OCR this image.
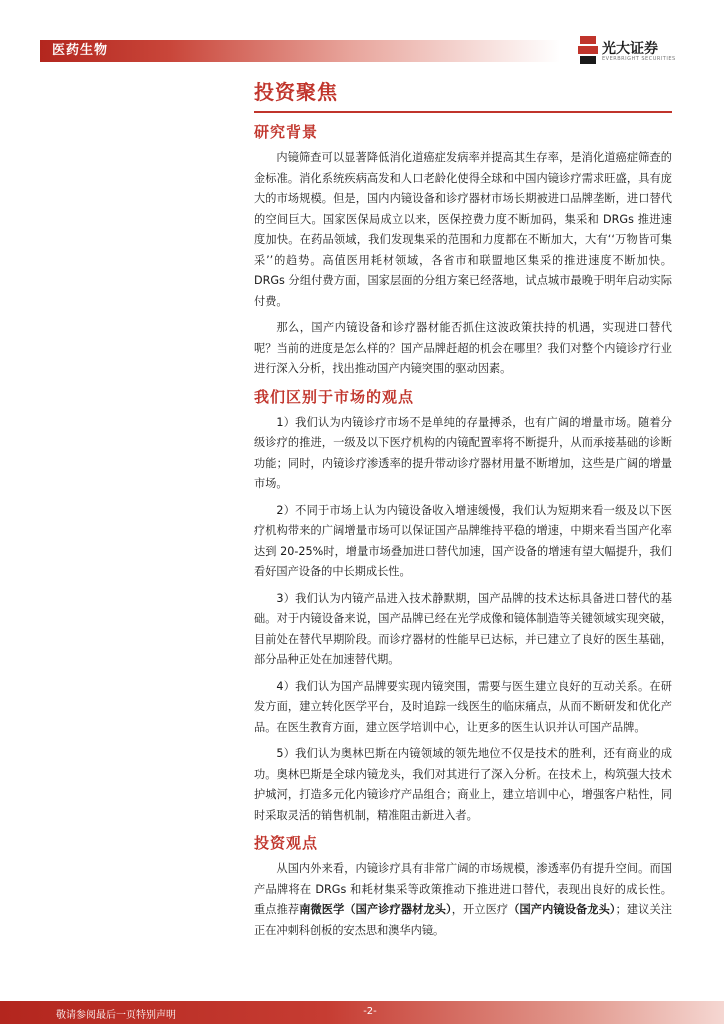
医药生物	光大证券
EVERBRIGHT SECURITIES
投资聚焦
研究背景

内镜筛查可以显著降低消化道癌症发病率并提高其生存率，是消化道癌症筛查的金标准。消化系统疾病高发和人口老龄化使得全球和中国内镜诊疗需求旺盛，具有庞大的市场规模。但是，国内内镜设备和诊疗器材市场长期被进口品牌垄断，进口替代的空间巨大。国家医保局成立以来，医保控费力度不断加码，集采和 DRGs 推进速度加快。在药品领域，我们发现集采的范围和力度都在不断加大，大有‘‘万物皆可集采’’的趋势。高值医用耗材领域，各省市和联盟地区集采的推进速度不断加快。DRGs 分组付费方面，国家层面的分组方案已经落地，试点城市最晚于明年启动实际付费。

那么，国产内镜设备和诊疗器材能否抓住这波政策扶持的机遇，实现进口替代呢？当前的进度是怎么样的？国产品牌赶超的机会在哪里？我们对整个内镜诊疗行业进行深入分析，找出推动国产内镜突围的驱动因素。

我们区别于市场的观点

1）我们认为内镜诊疗市场不是单纯的存量搏杀，也有广阔的增量市场。随着分级诊疗的推进，一级及以下医疗机构的内镜配置率将不断提升，从而承接基础的诊断功能；同时，内镜诊疗渗透率的提升带动诊疗器材用量不断增加，这些是广阔的增量市场。

2）不同于市场上认为内镜设备收入增速缓慢，我们认为短期来看一级及以下医疗机构带来的广阔增量市场可以保证国产品牌维持平稳的增速，中期来看当国产化率达到 20-25%时，增量市场叠加进口替代加速，国产设备的增速有望大幅提升，我们看好国产设备的中长期成长性。

3）我们认为内镜产品进入技术静默期，国产品牌的技术达标具备进口替代的基础。对于内镜设备来说，国产品牌已经在光学成像和镜体制造等关键领域实现突破，目前处在替代早期阶段。而诊疗器材的性能早已达标，并已建立了良好的医生基础，部分品种正处在加速替代期。

4）我们认为国产品牌要实现内镜突围，需要与医生建立良好的互动关系。在研发方面，建立转化医学平台，及时追踪一线医生的临床痛点，从而不断研发和优化产品。在医生教育方面，建立医学培训中心，让更多的医生认识并认可国产品牌。

5）我们认为奥林巴斯在内镜领域的领先地位不仅是技术的胜利，还有商业的成功。奥林巴斯是全球内镜龙头，我们对其进行了深入分析。在技术上，构筑强大技术护城河，打造多元化内镜诊疗产品组合；商业上，建立培训中心，增强客户粘性，同时采取灵活的销售机制，精准阻击新进入者。

投资观点

从国内外来看，内镜诊疗具有非常广阔的市场规模，渗透率仍有提升空间。而国产品牌将在 DRGs 和耗材集采等政策推动下推进进口替代，表现出良好的成长性。重点推荐南微医学（国产诊疗器材龙头），开立医疗（国产内镜设备龙头）；建议关注正在冲刺科创板的安杰思和澳华内镜。

敬请参阅最后一页特别声明	-2-
